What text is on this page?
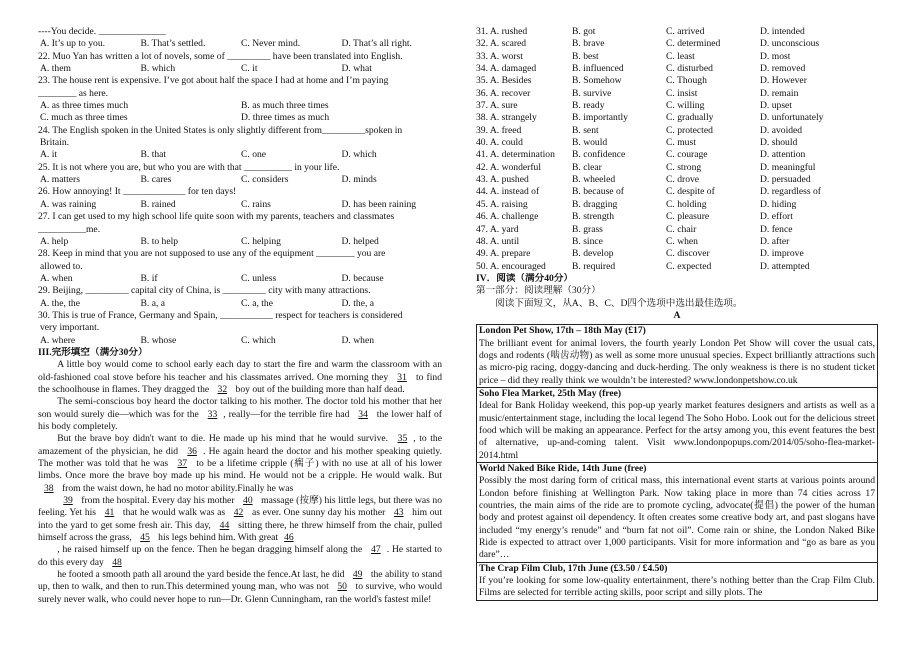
----You decide. ______________
A. It’s up to you.	B. That’s settled.	C. Never mind.	D. That’s all right.
22. Muo Yan has written a lot of novels, some of _________ have been translated into English.
A. them	B. which	C. it	D. what
23. The house rent is expensive. I’ve got about half the space I had at home and I’m paying
________ as here.
A. as three times much	B. as much three times
C. much as three times	D. three times as much
24. The English spoken in the United States is only slightly different from_________spoken in
Britain.
A. it	B. that	C. one	D. which
25. It is not where you are, but who you are with that __________ in your life.
A. matters	B. cares	C. considers	D. minds
26. How annoying! It _____________ for ten days!
A. was raining	B. rained	C. rains	D. has been raining
27. I can get used to my high school life quite soon with my parents, teachers and classmates
__________me.
A. help	B. to help	C. helping	D. helped
28. Keep in mind that you are not supposed to use any of the equipment ________ you are
allowed to.
A. when	B. if	C. unless	D. because
29. Beijing, _________ capital city of China, is _________ city with many attractions.
A. the, the	B. a, a	C. a, the	D. the, a
30. This is true of France, Germany and Spain, ___________ respect for teachers is considered
very important.
A. where	B. whose	C. which	D. when
III.完形填空（满分30分）
A little boy would come to school early each day to start the fire and warm the classroom with an old-fashioned coal stove before his teacher and his classmates arrived. One morning they 31 to find the schoolhouse in flames. They dragged the 32 boy out of the building more than half dead.
The semi-conscious boy heard the doctor talking to his mother. The doctor told his mother that her son would surely die—which was for the 33 , really—for the terrible fire had 34 the lower half of his body completely.
But the brave boy didn't want to die. He made up his mind that he would survive. 35 , to the amazement of the physician, he did 36 . He again heard the doctor and his mother speaking quietly. The mother was told that he was 37 to be a lifetime cripple (瘸子) with no use at all of his lower limbs. Once more the brave boy made up his mind. He would not be a cripple. He would walk. But 38 from the waist down, he had no motor ability.Finally he was
39 from the hospital. Every day his mother 40 massage (按摩) his little legs, but there was no feeling. Yet his 41 that he would walk was as 42 as ever. One sunny day his mother 43 him out into the yard to get some fresh air. This day, 44 sitting there, he threw himself from the chair, pulled himself across the grass, 45 his legs behind him. With great 46
, he raised himself up on the fence. Then he began dragging himself along the 47 . He started to do this every day 48
he footed a smooth path all around the yard beside the fence.At last, he did 49 the ability to stand up, then to walk, and then to run.This determined young man, who was not 50 to survive, who would surely never walk, who could never hope to run—Dr. Glenn Cunningham, ran the world's fastest mile!
31. A. rushed	B. got	C. arrived	D. intended
32. A. scared	B. brave	C. determined	D. unconscious
33. A. worst	B. best	C. least	D. most
34. A. damaged	B. influenced	C. disturbed	D. removed
35. A. Besides	B. Somehow	C. Though	D. However
36. A. recover	B. survive	C. insist	D. remain
37. A. sure	B. ready	C. willing	D. upset
38. A. strangely	B. importantly	C. gradually	D. unfortunately
39. A. freed	B. sent	C. protected	D. avoided
40. A. could	B. would	C. must	D. should
41. A. determination	B. confidence	C. courage	D. attention
42. A. wonderful	B. clear	C. strong	D. meaningful
43. A. pushed	B. wheeled	C. drove	D. persuaded
44. A. instead of	B. because of	C. despite of	D. regardless of
45. A. raising	B. dragging	C. holding	D. hiding
46. A. challenge	B. strength	C. pleasure	D. effort
47. A. yard	B. grass	C. chair	D. fence
48. A. until	B. since	C. when	D. after
49. A. prepare	B. develop	C. discover	D. improve
50. A. encouraged	B. required	C. expected	D. attempted
IV．阅读（满分40分）
第一部分：阅读理解（30分）
阅读下面短文，从A、B、C、D四个选项中选出最佳选项。
A
London Pet Show, 17th – 18th May (£17)
The brilliant event for animal lovers, the fourth yearly London Pet Show will cover the usual cats, dogs and rodents (啮齿动物) as well as some more unusual species. Expect brilliantly attractions such as micro-pig racing, doggy-dancing and duck-herding. The only weakness is there is no student ticket price – did they really think we wouldn’t be interested? www.londonpetshow.co.uk
Soho Flea Market, 25th May (free)
Ideal for Bank Holiday weekend, this pop-up yearly market features designers and artists as well as a music/entertainment stage, including the local legend The Soho Hobo. Look out for the delicious street food which will be making an appearance. Perfect for the artsy among you, this event features the best of alternative, up-and-coming talent. Visit www.londonpopups.com/2014/05/soho-flea-market-2014.html
World Naked Bike Ride, 14th June (free)
Possibly the most daring form of critical mass, this international event starts at various points around London before finishing at Wellington Park. Now taking place in more than 74 cities across 17 countries, the main aims of the ride are to promote cycling, advocate(提倡) the power of the human body and protest against oil dependency. It often creates some creative body art, and past slogans have included “my energy’s renude” and “burn fat not oil”. Come rain or shine, the London Naked Bike Ride is expected to attract over 1,000 participants. Visit for more information and “go as bare as you dare”…
The Crap Film Club, 17th June (£3.50 / £4.50)
If you’re looking for some low-quality entertainment, there’s nothing better than the Crap Film Club. Films are selected for terrible acting skills, poor script and silly plots. The
